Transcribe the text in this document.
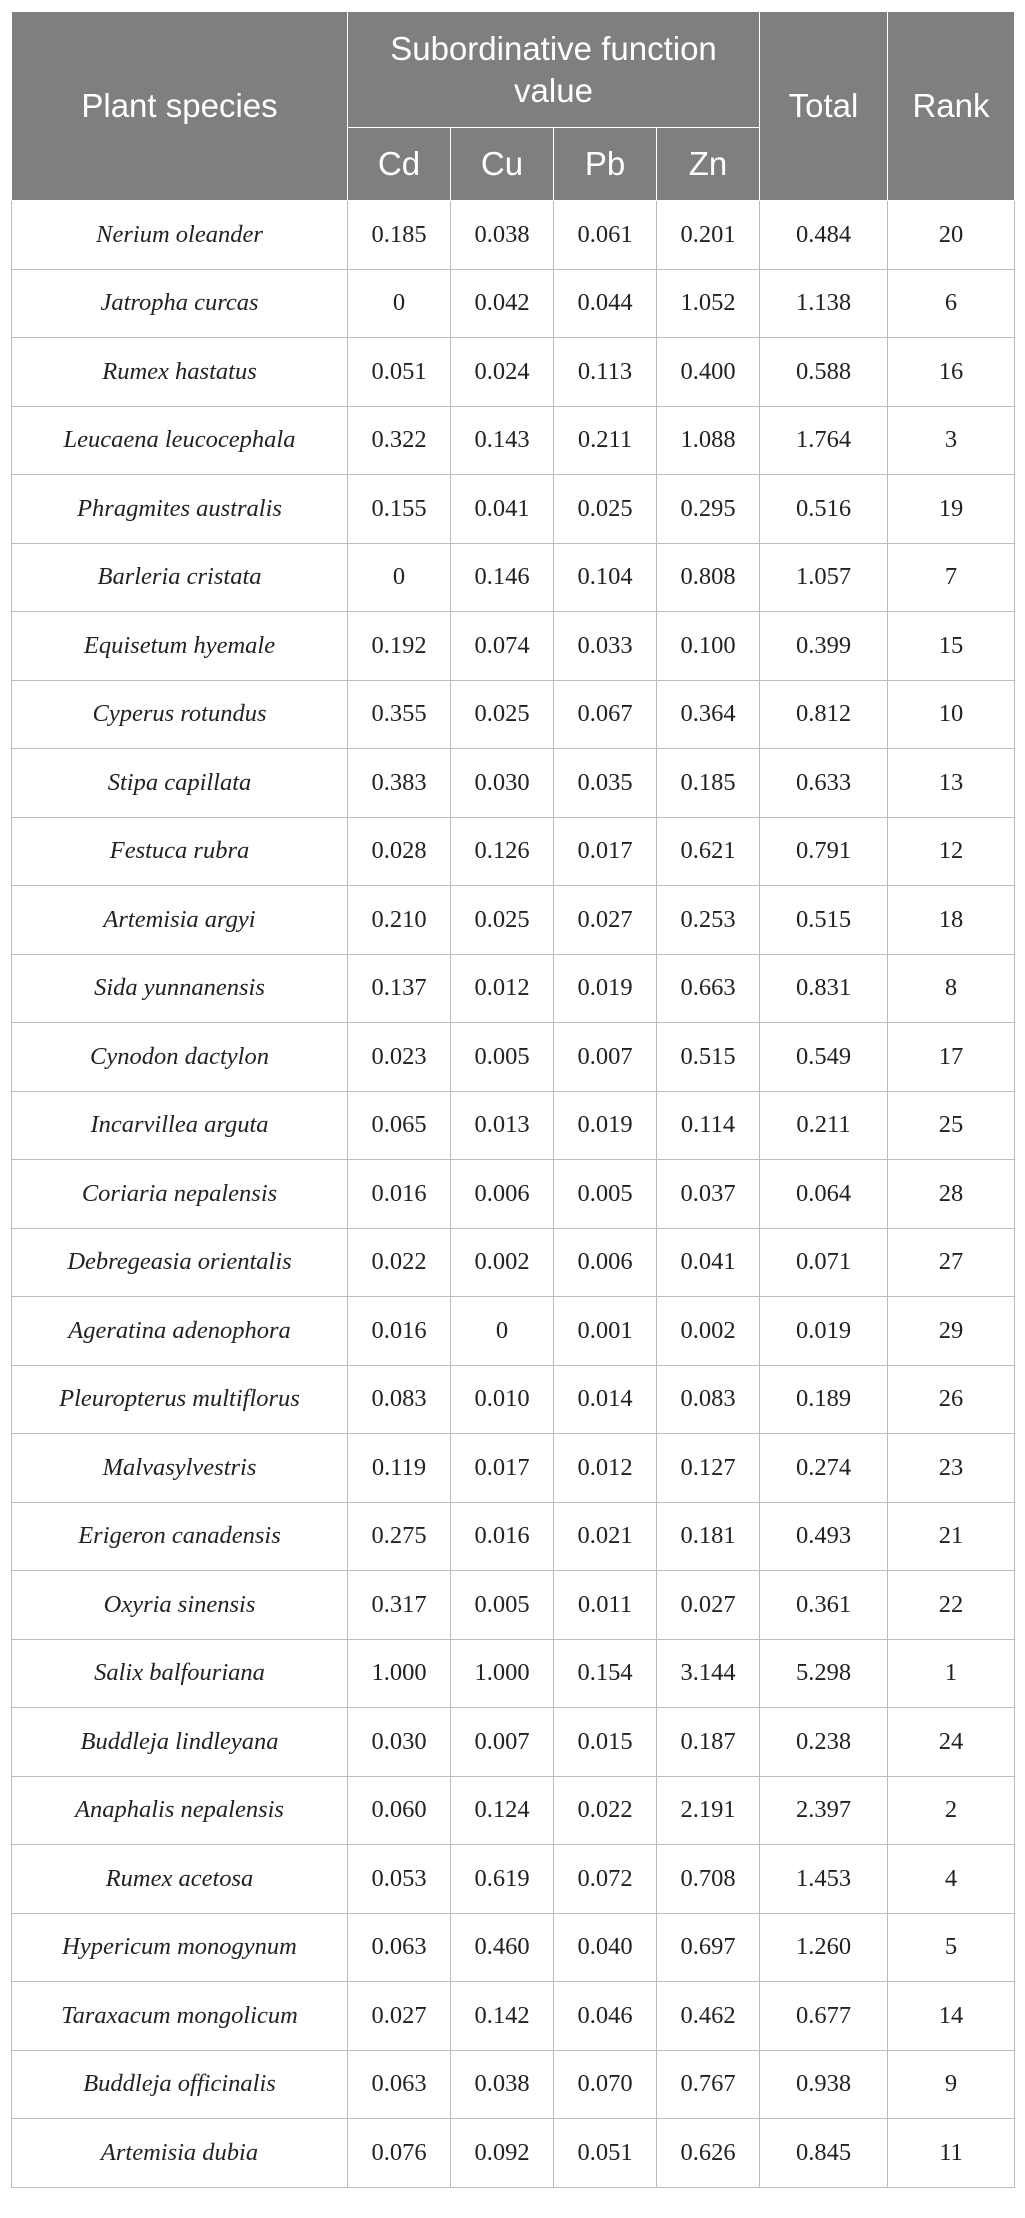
Plant species	Subordinative function value				Total	Rank
	Cd	Cu	Pb	Zn		
Nerium oleander	0.185	0.038	0.061	0.201	0.484	20
Jatropha curcas	0	0.042	0.044	1.052	1.138	6
Rumex hastatus	0.051	0.024	0.113	0.400	0.588	16
Leucaena leucocephala	0.322	0.143	0.211	1.088	1.764	3
Phragmites australis	0.155	0.041	0.025	0.295	0.516	19
Barleria cristata	0	0.146	0.104	0.808	1.057	7
Equisetum hyemale	0.192	0.074	0.033	0.100	0.399	15
Cyperus rotundus	0.355	0.025	0.067	0.364	0.812	10
Stipa capillata	0.383	0.030	0.035	0.185	0.633	13
Festuca rubra	0.028	0.126	0.017	0.621	0.791	12
Artemisia argyi	0.210	0.025	0.027	0.253	0.515	18
Sida yunnanensis	0.137	0.012	0.019	0.663	0.831	8
Cynodon dactylon	0.023	0.005	0.007	0.515	0.549	17
Incarvillea arguta	0.065	0.013	0.019	0.114	0.211	25
Coriaria nepalensis	0.016	0.006	0.005	0.037	0.064	28
Debregeasia orientalis	0.022	0.002	0.006	0.041	0.071	27
Ageratina adenophora	0.016	0	0.001	0.002	0.019	29
Pleuropterus multiflorus	0.083	0.010	0.014	0.083	0.189	26
Malvasylvestris	0.119	0.017	0.012	0.127	0.274	23
Erigeron canadensis	0.275	0.016	0.021	0.181	0.493	21
Oxyria sinensis	0.317	0.005	0.011	0.027	0.361	22
Salix balfouriana	1.000	1.000	0.154	3.144	5.298	1
Buddleja lindleyana	0.030	0.007	0.015	0.187	0.238	24
Anaphalis nepalensis	0.060	0.124	0.022	2.191	2.397	2
Rumex acetosa	0.053	0.619	0.072	0.708	1.453	4
Hypericum monogynum	0.063	0.460	0.040	0.697	1.260	5
Taraxacum mongolicum	0.027	0.142	0.046	0.462	0.677	14
Buddleja officinalis	0.063	0.038	0.070	0.767	0.938	9
Artemisia dubia	0.076	0.092	0.051	0.626	0.845	11
